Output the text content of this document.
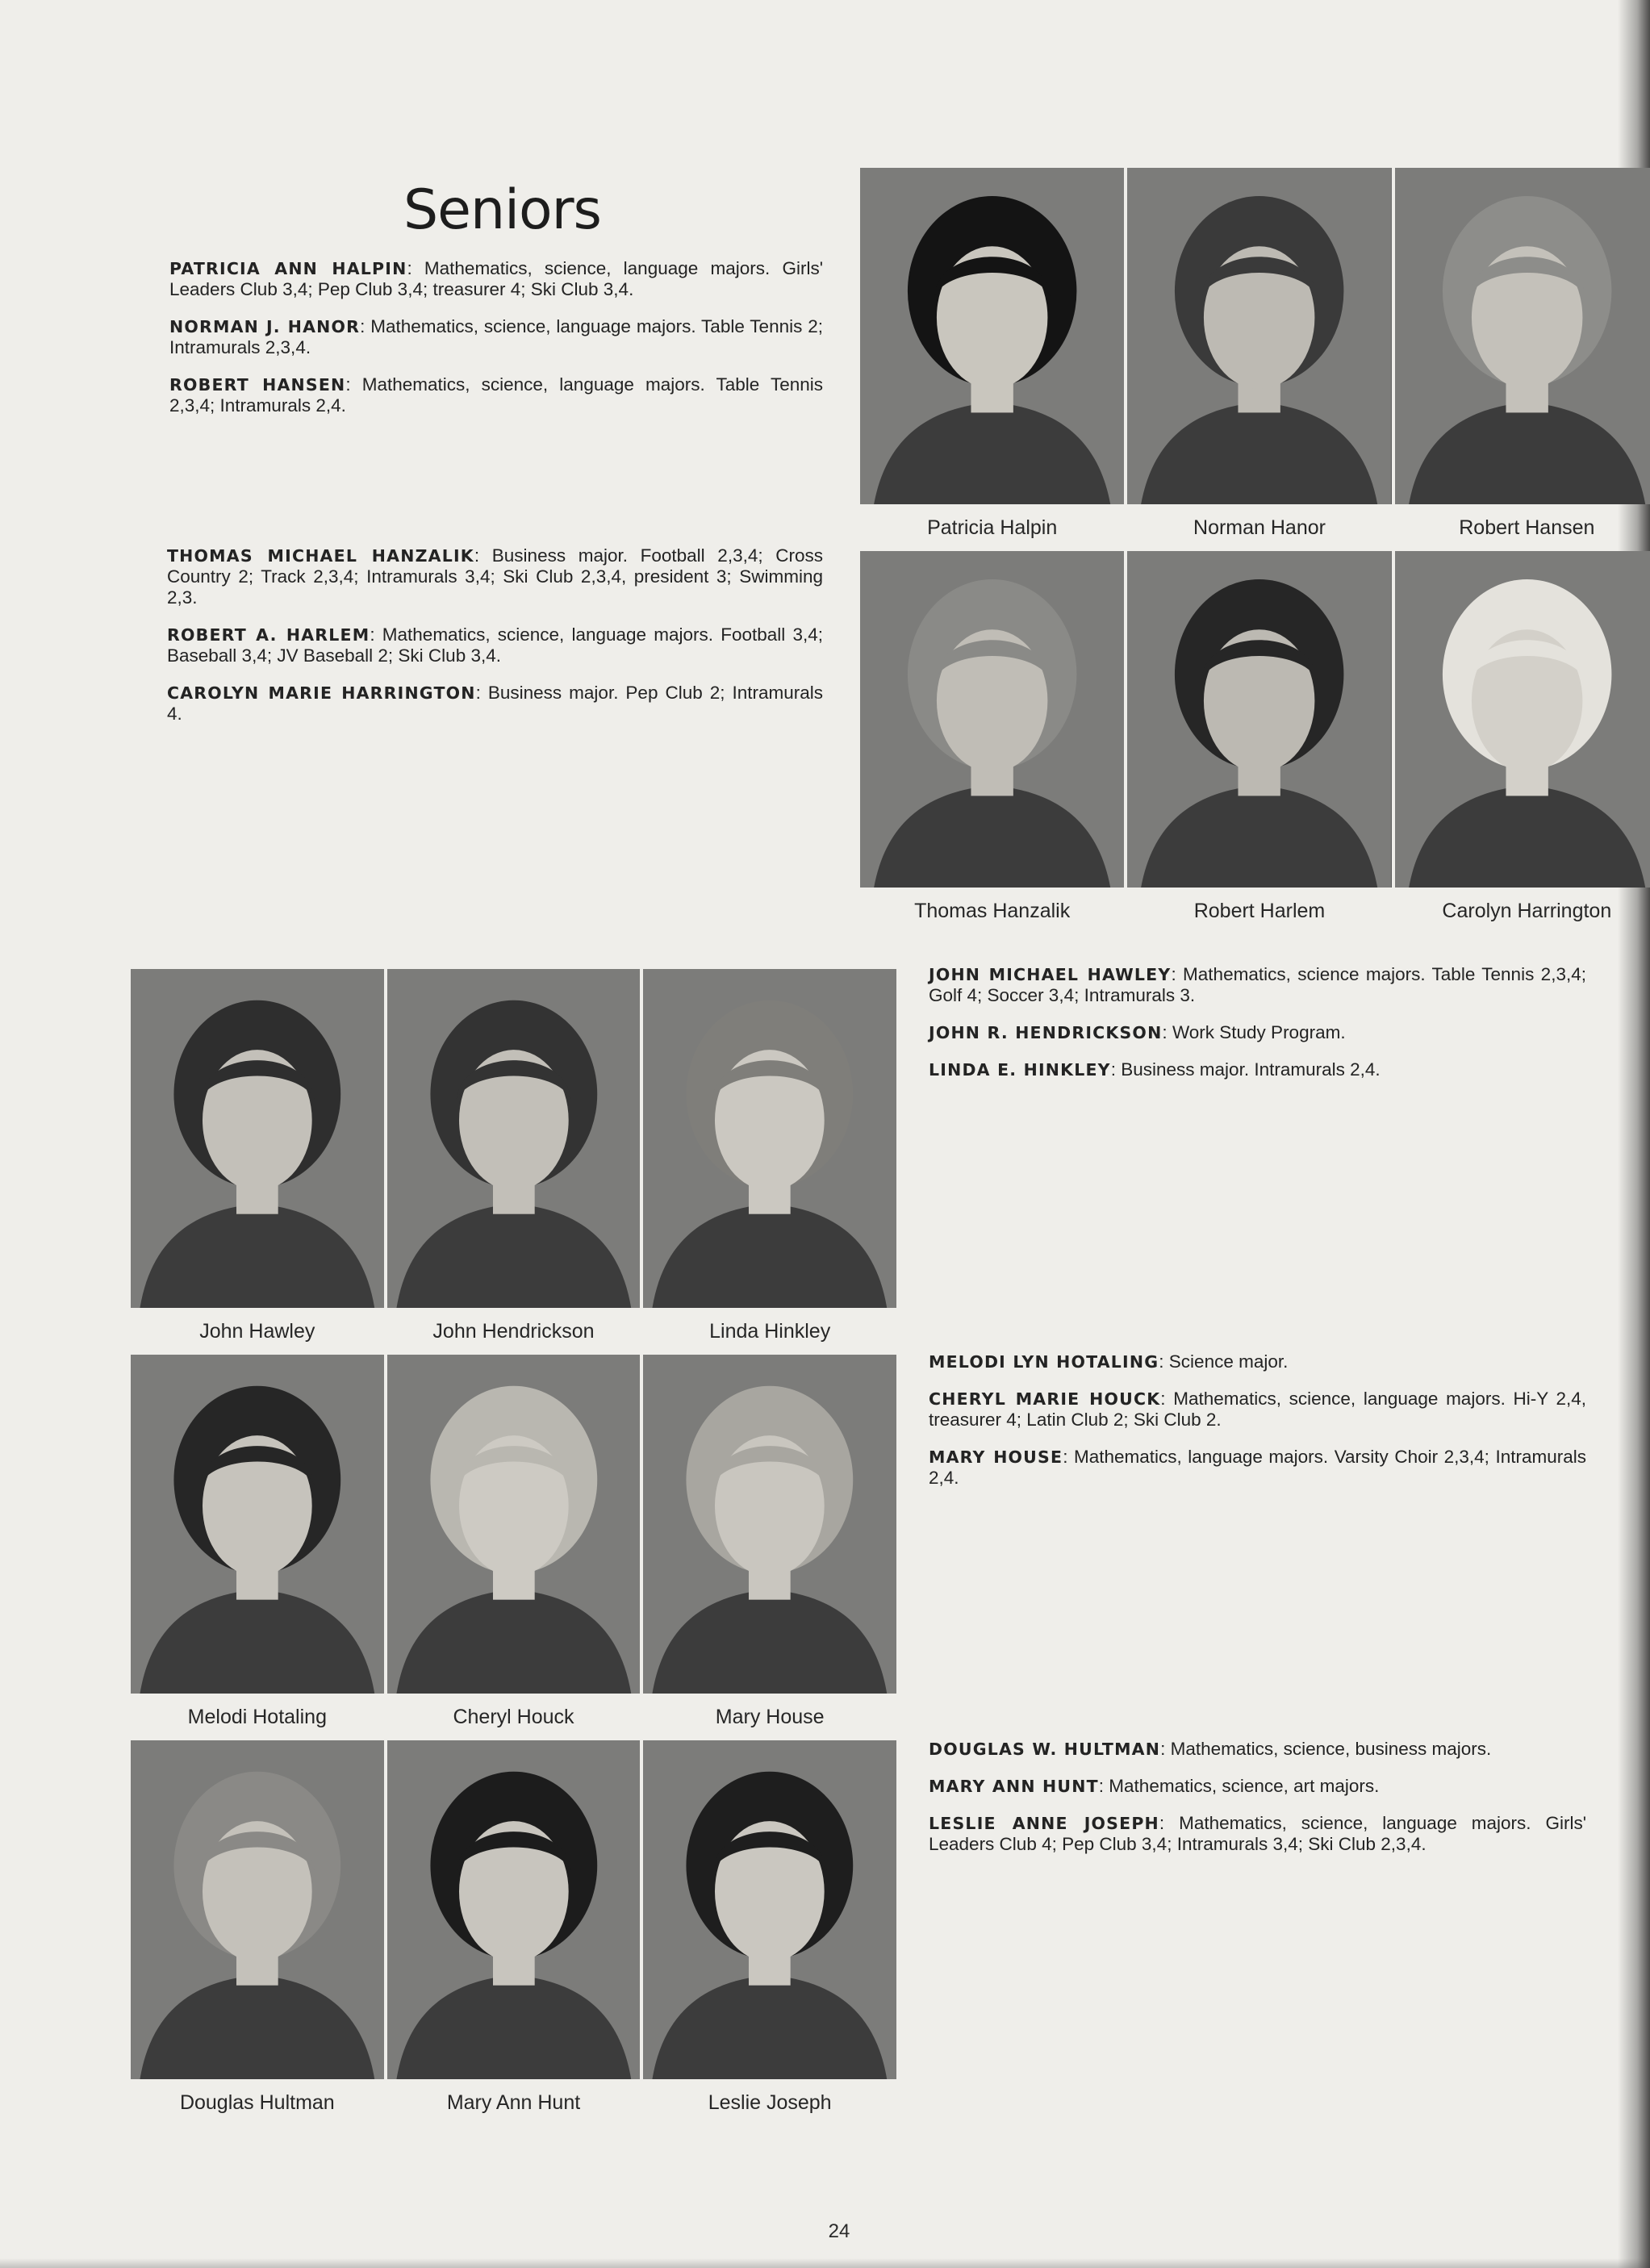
Seniors

PATRICIA ANN HALPIN: Mathematics, science, language majors. Girls' Leaders Club 3,4; Pep Club 3,4; treasurer 4; Ski Club 3,4.

NORMAN J. HANOR: Mathematics, science, language majors. Table Tennis 2; Intramurals 2,3,4.

ROBERT HANSEN: Mathematics, science, language majors. Table Tennis 2,3,4; Intramurals 2,4.

THOMAS MICHAEL HANZALIK: Business major. Football 2,3,4; Cross Country 2; Track 2,3,4; Intramurals 3,4; Ski Club 2,3,4, president 3; Swimming 2,3.

ROBERT A. HARLEM: Mathematics, science, language majors. Football 3,4; Baseball 3,4; JV Baseball 2; Ski Club 3,4.

CAROLYN MARIE HARRINGTON: Business major. Pep Club 2; Intramurals 4.

Patricia Halpin	Norman Hanor	Robert Hansen
Thomas Hanzalik	Robert Harlem	Carolyn Harrington
John Hawley	John Hendrickson	Linda Hinkley
Melodi Hotaling	Cheryl Houck	Mary House
Douglas Hultman	Mary Ann Hunt	Leslie Joseph

JOHN MICHAEL HAWLEY: Mathematics, science majors. Table Tennis 2,3,4; Golf 4; Soccer 3,4; Intramurals 3.

JOHN R. HENDRICKSON: Work Study Program.

LINDA E. HINKLEY: Business major. Intramurals 2,4.

MELODI LYN HOTALING: Science major.

CHERYL MARIE HOUCK: Mathematics, science, language majors. Hi-Y 2,4, treasurer 4; Latin Club 2; Ski Club 2.

MARY HOUSE: Mathematics, language majors. Varsity Choir 2,3,4; Intramurals 2,4.

DOUGLAS W. HULTMAN: Mathematics, science, business majors.

MARY ANN HUNT: Mathematics, science, art majors.

LESLIE ANNE JOSEPH: Mathematics, science, language majors. Girls' Leaders Club 4; Pep Club 3,4; Intramurals 3,4; Ski Club 2,3,4.

24
